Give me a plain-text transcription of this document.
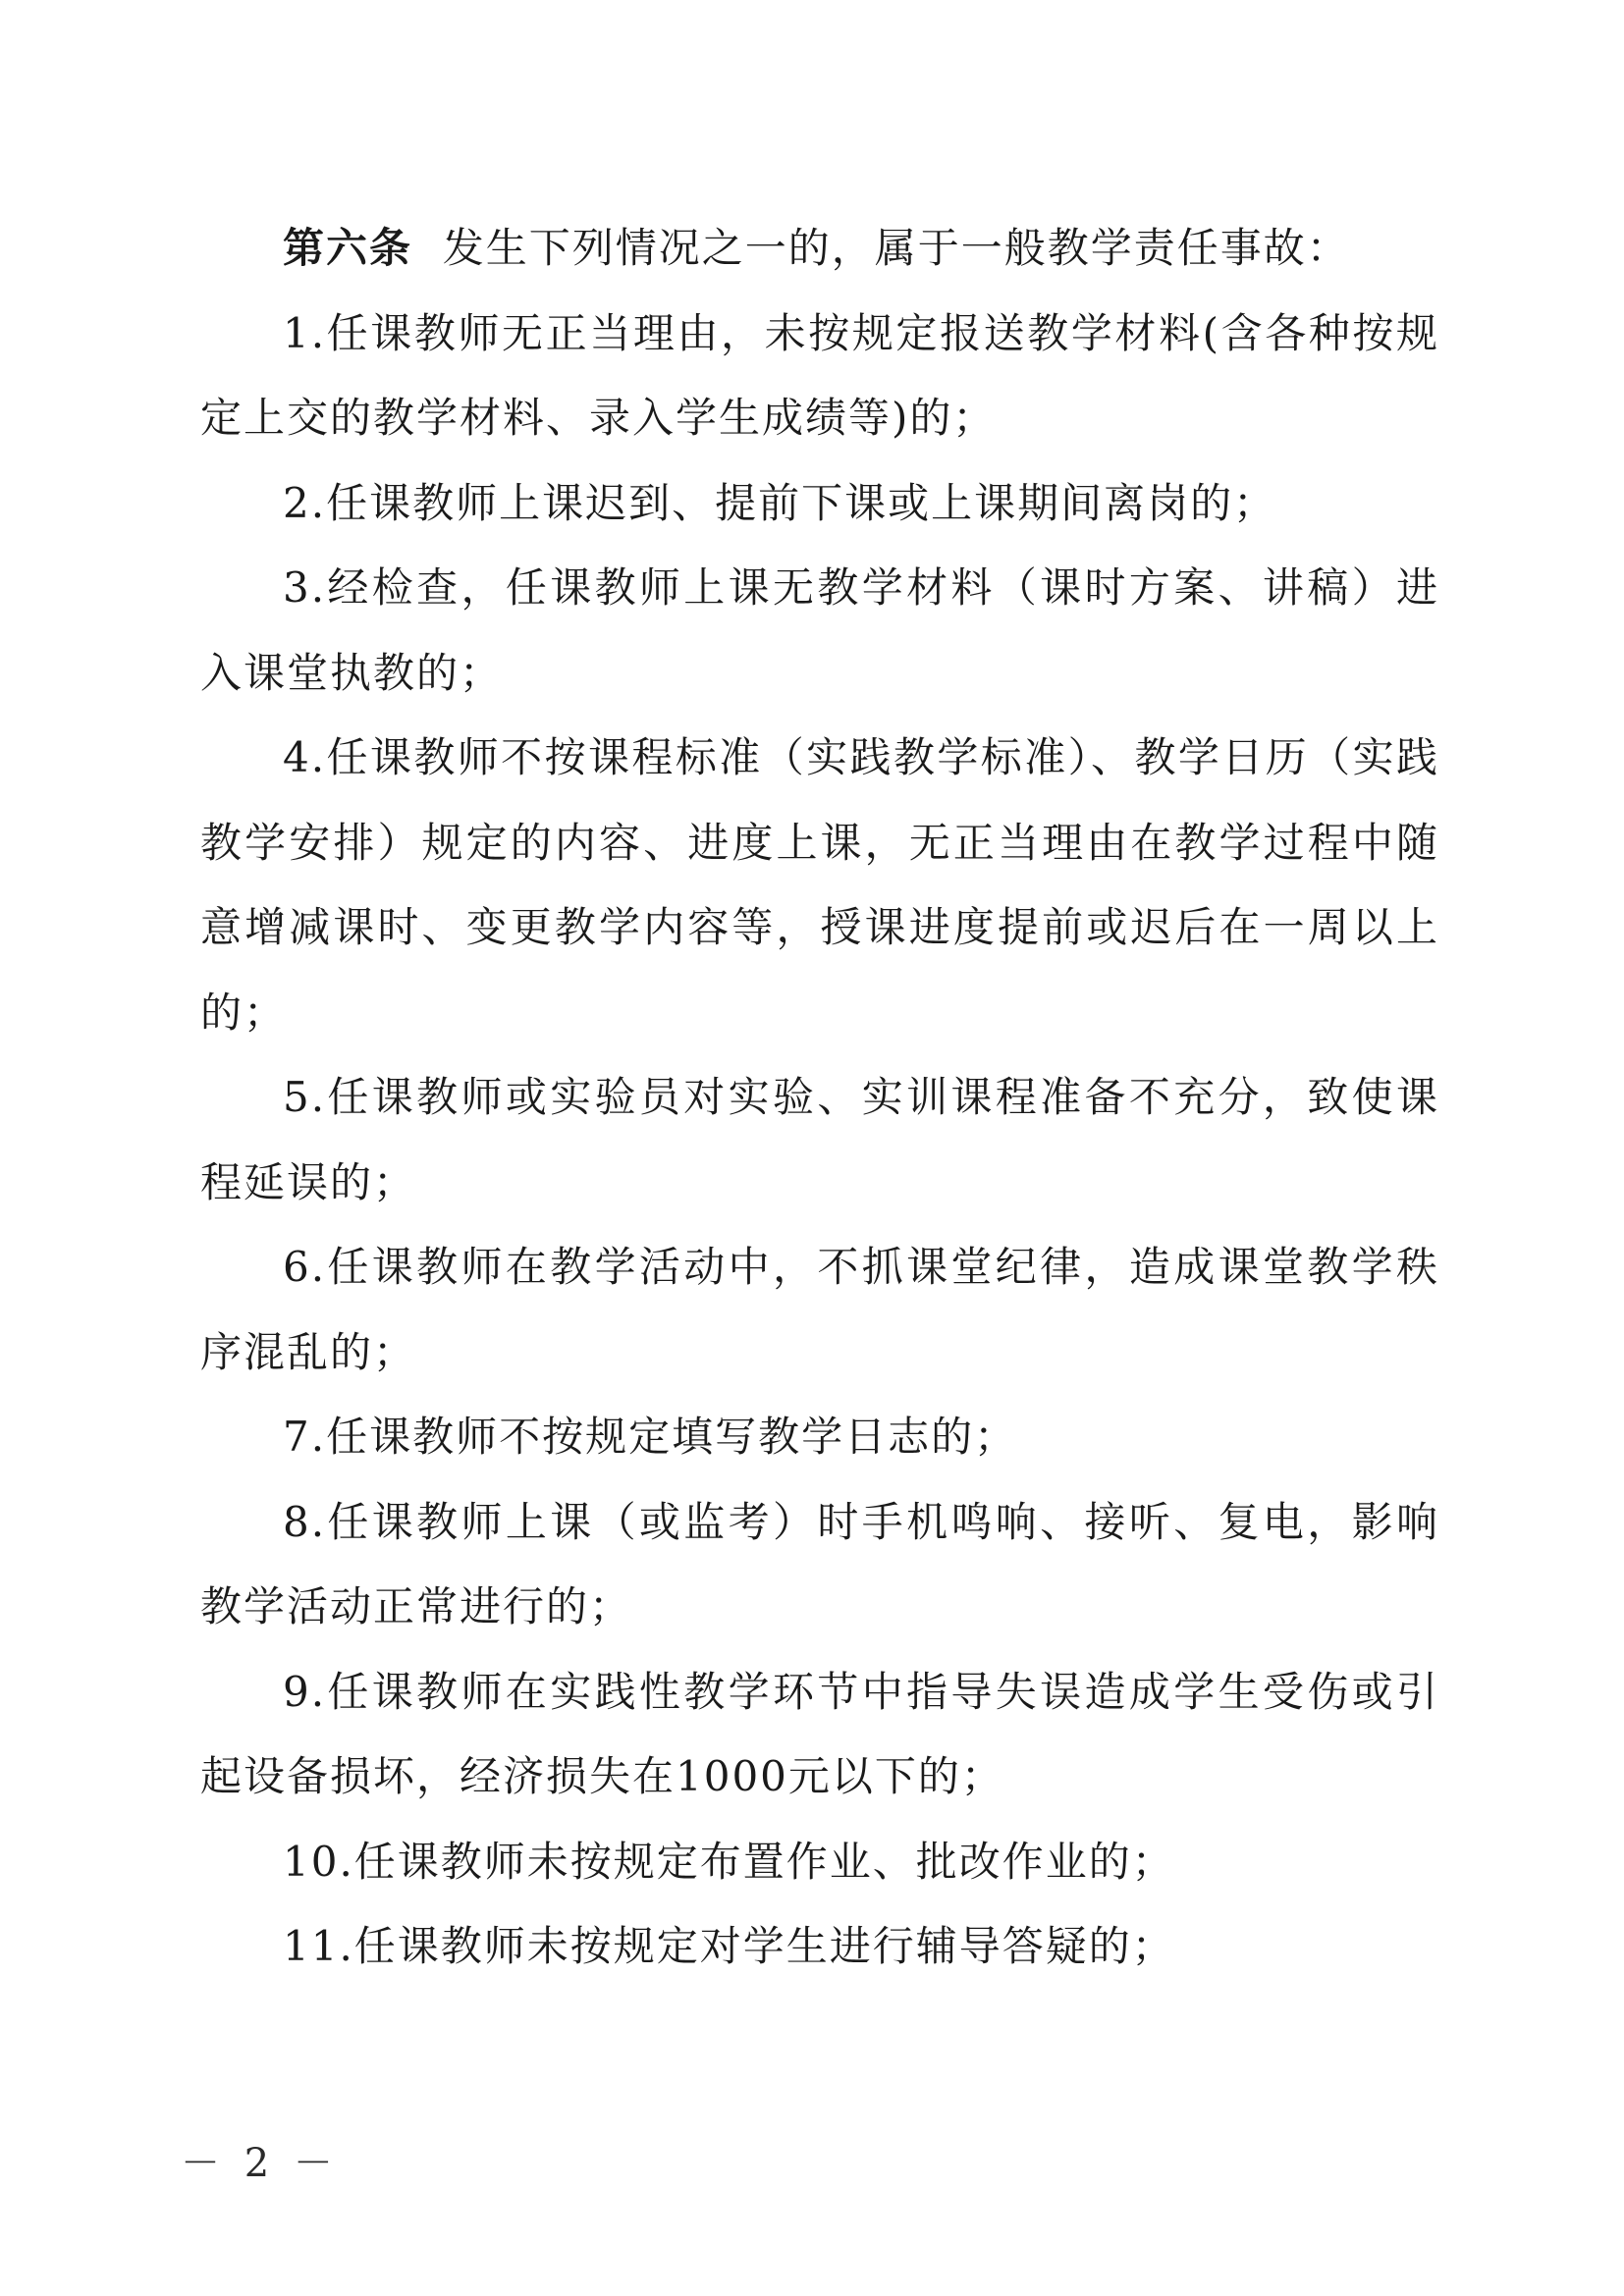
第六条 发生下列情况之一的，属于一般教学责任事故：

1.任课教师无正当理由，未按规定报送教学材料(含各种按规定上交的教学材料、录入学生成绩等)的；

2.任课教师上课迟到、提前下课或上课期间离岗的；

3.经检查，任课教师上课无教学材料（课时方案、讲稿）进入课堂执教的；

4.任课教师不按课程标准（实践教学标准）、教学日历（实践教学安排）规定的内容、进度上课，无正当理由在教学过程中随意增减课时、变更教学内容等，授课进度提前或迟后在一周以上的；

5.任课教师或实验员对实验、实训课程准备不充分，致使课程延误的；

6.任课教师在教学活动中，不抓课堂纪律，造成课堂教学秩序混乱的；

7.任课教师不按规定填写教学日志的；

8.任课教师上课（或监考）时手机鸣响、接听、复电，影响教学活动正常进行的；

9.任课教师在实践性教学环节中指导失误造成学生受伤或引起设备损坏，经济损失在1000元以下的；

10.任课教师未按规定布置作业、批改作业的；

11.任课教师未按规定对学生进行辅导答疑的；

－ 2 －
